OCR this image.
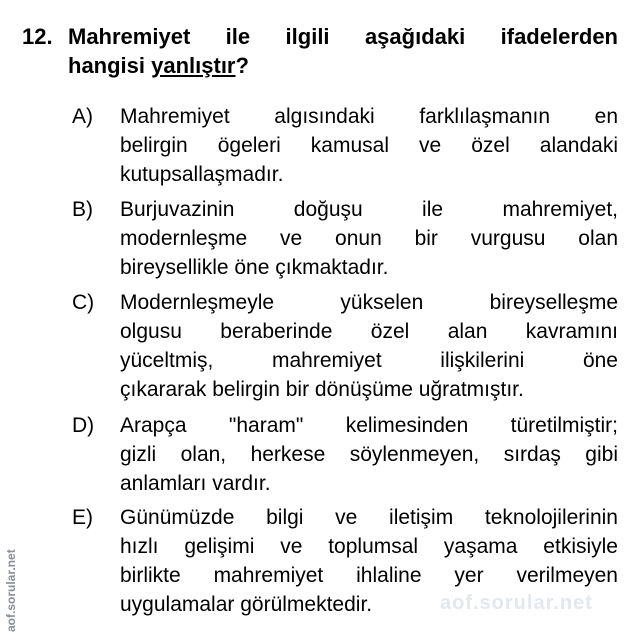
aof.sorular.net
aof.sorular.net
12. Mahremiyet ile ilgili aşağıdaki ifadelerden
hangisi yanlıştır?
A) Mahremiyet algısındaki farklılaşmanın en
belirgin ögeleri kamusal ve özel alandaki
kutupsallaşmadır.
B) Burjuvazinin doğuşu ile mahremiyet,
modernleşme ve onun bir vurgusu olan
bireysellikle öne çıkmaktadır.
C) Modernleşmeyle yükselen bireyselleşme
olgusu beraberinde özel alan kavramını
yüceltmiş, mahremiyet ilişkilerini öne
çıkararak belirgin bir dönüşüme uğratmıştır.
D) Arapça "haram" kelimesinden türetilmiştir;
gizli olan, herkese söylenmeyen, sırdaş gibi
anlamları vardır.
E) Günümüzde bilgi ve iletişim teknolojilerinin
hızlı gelişimi ve toplumsal yaşama etkisiyle
birlikte mahremiyet ihlaline yer verilmeyen
uygulamalar görülmektedir.
